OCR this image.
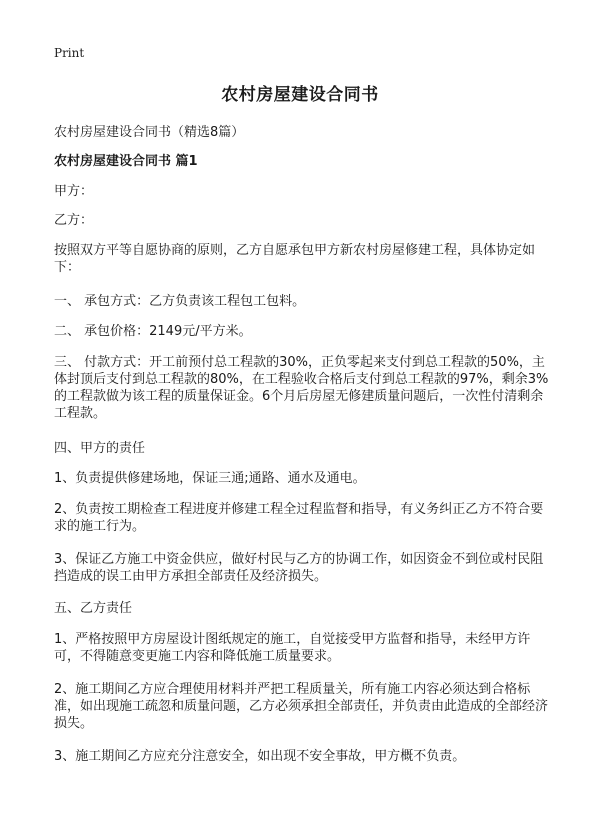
Print
农村房屋建设合同书
农村房屋建设合同书（精选8篇）
农村房屋建设合同书 篇1

甲方：

乙方：

按照双方平等自愿协商的原则，乙方自愿承包甲方新农村房屋修建工程，具体协定如下：

一、 承包方式：乙方负责该工程包工包料。

二、 承包价格：2149元/平方米。

三、 付款方式：开工前预付总工程款的30%，正负零起来支付到总工程款的50%，主体封顶后支付到总工程款的80%，在工程验收合格后支付到总工程款的97%，剩余3%的工程款做为该工程的质量保证金。6个月后房屋无修建质量问题后，一次性付清剩余工程款。

四、甲方的责任

1、负责提供修建场地，保证三通;通路、通水及通电。

2、负责按工期检查工程进度并修建工程全过程监督和指导，有义务纠正乙方不符合要求的施工行为。

3、保证乙方施工中资金供应，做好村民与乙方的协调工作，如因资金不到位或村民阻挡造成的误工由甲方承担全部责任及经济损失。

五、乙方责任

1、严格按照甲方房屋设计图纸规定的施工，自觉接受甲方监督和指导，未经甲方许可，不得随意变更施工内容和降低施工质量要求。

2、施工期间乙方应合理使用材料并严把工程质量关，所有施工内容必须达到合格标准，如出现施工疏忽和质量问题，乙方必须承担全部责任，并负责由此造成的全部经济损失。

3、施工期间乙方应充分注意安全，如出现不安全事故，甲方概不负责。
